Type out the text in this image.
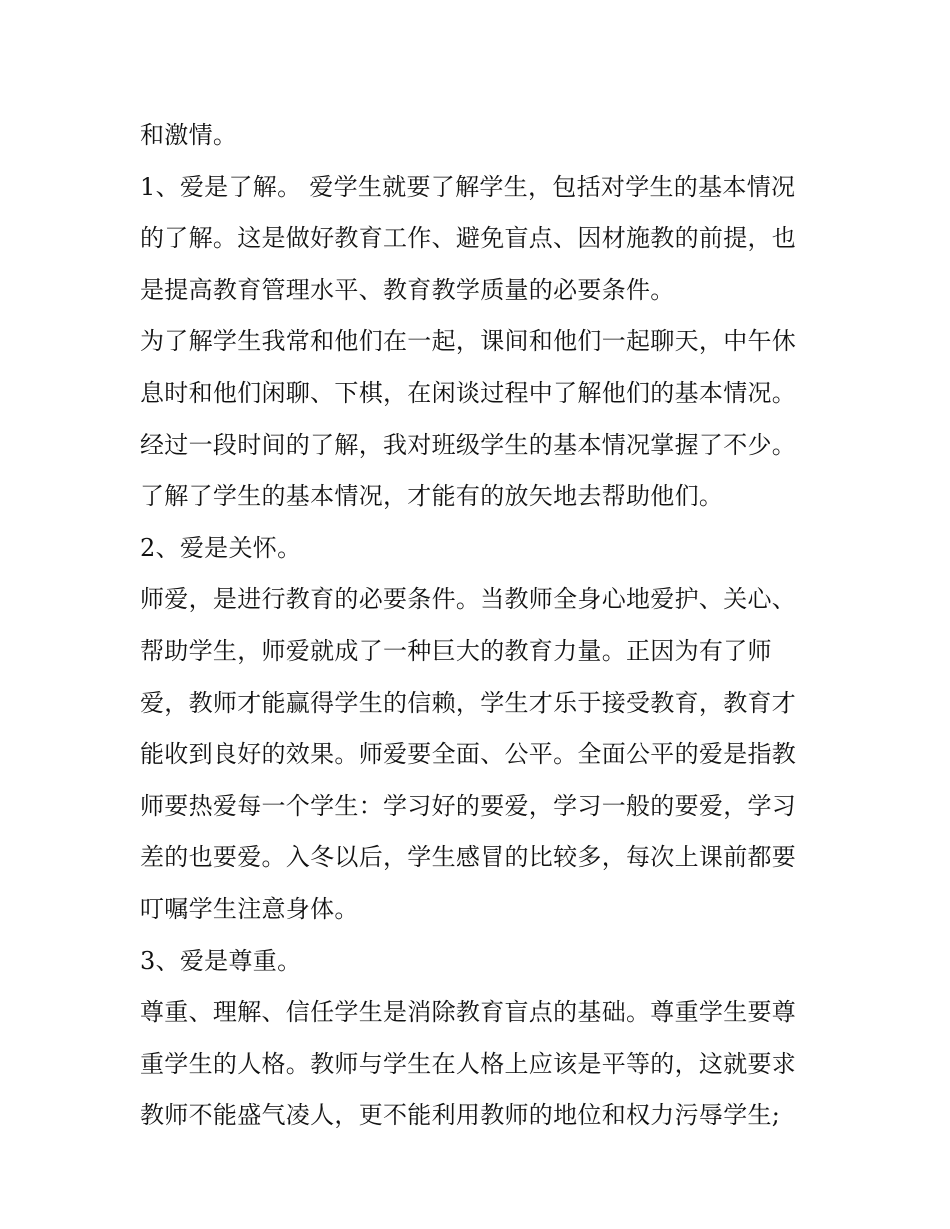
和激情。
1、爱是了解。 爱学生就要了解学生，包括对学生的基本情况
的了解。这是做好教育工作、避免盲点、因材施教的前提，也
是提高教育管理水平、教育教学质量的必要条件。
为了解学生我常和他们在一起，课间和他们一起聊天，中午休
息时和他们闲聊、下棋，在闲谈过程中了解他们的基本情况。
经过一段时间的了解，我对班级学生的基本情况掌握了不少。
了解了学生的基本情况，才能有的放矢地去帮助他们。
2、爱是关怀。
师爱，是进行教育的必要条件。当教师全身心地爱护、关心、
帮助学生，师爱就成了一种巨大的教育力量。正因为有了师
爱，教师才能赢得学生的信赖，学生才乐于接受教育，教育才
能收到良好的效果。师爱要全面、公平。全面公平的爱是指教
师要热爱每一个学生：学习好的要爱，学习一般的要爱，学习
差的也要爱。入冬以后，学生感冒的比较多，每次上课前都要
叮嘱学生注意身体。
3、爱是尊重。
尊重、理解、信任学生是消除教育盲点的基础。尊重学生要尊
重学生的人格。教师与学生在人格上应该是平等的，这就要求
教师不能盛气凌人，更不能利用教师的地位和权力污辱学生;
